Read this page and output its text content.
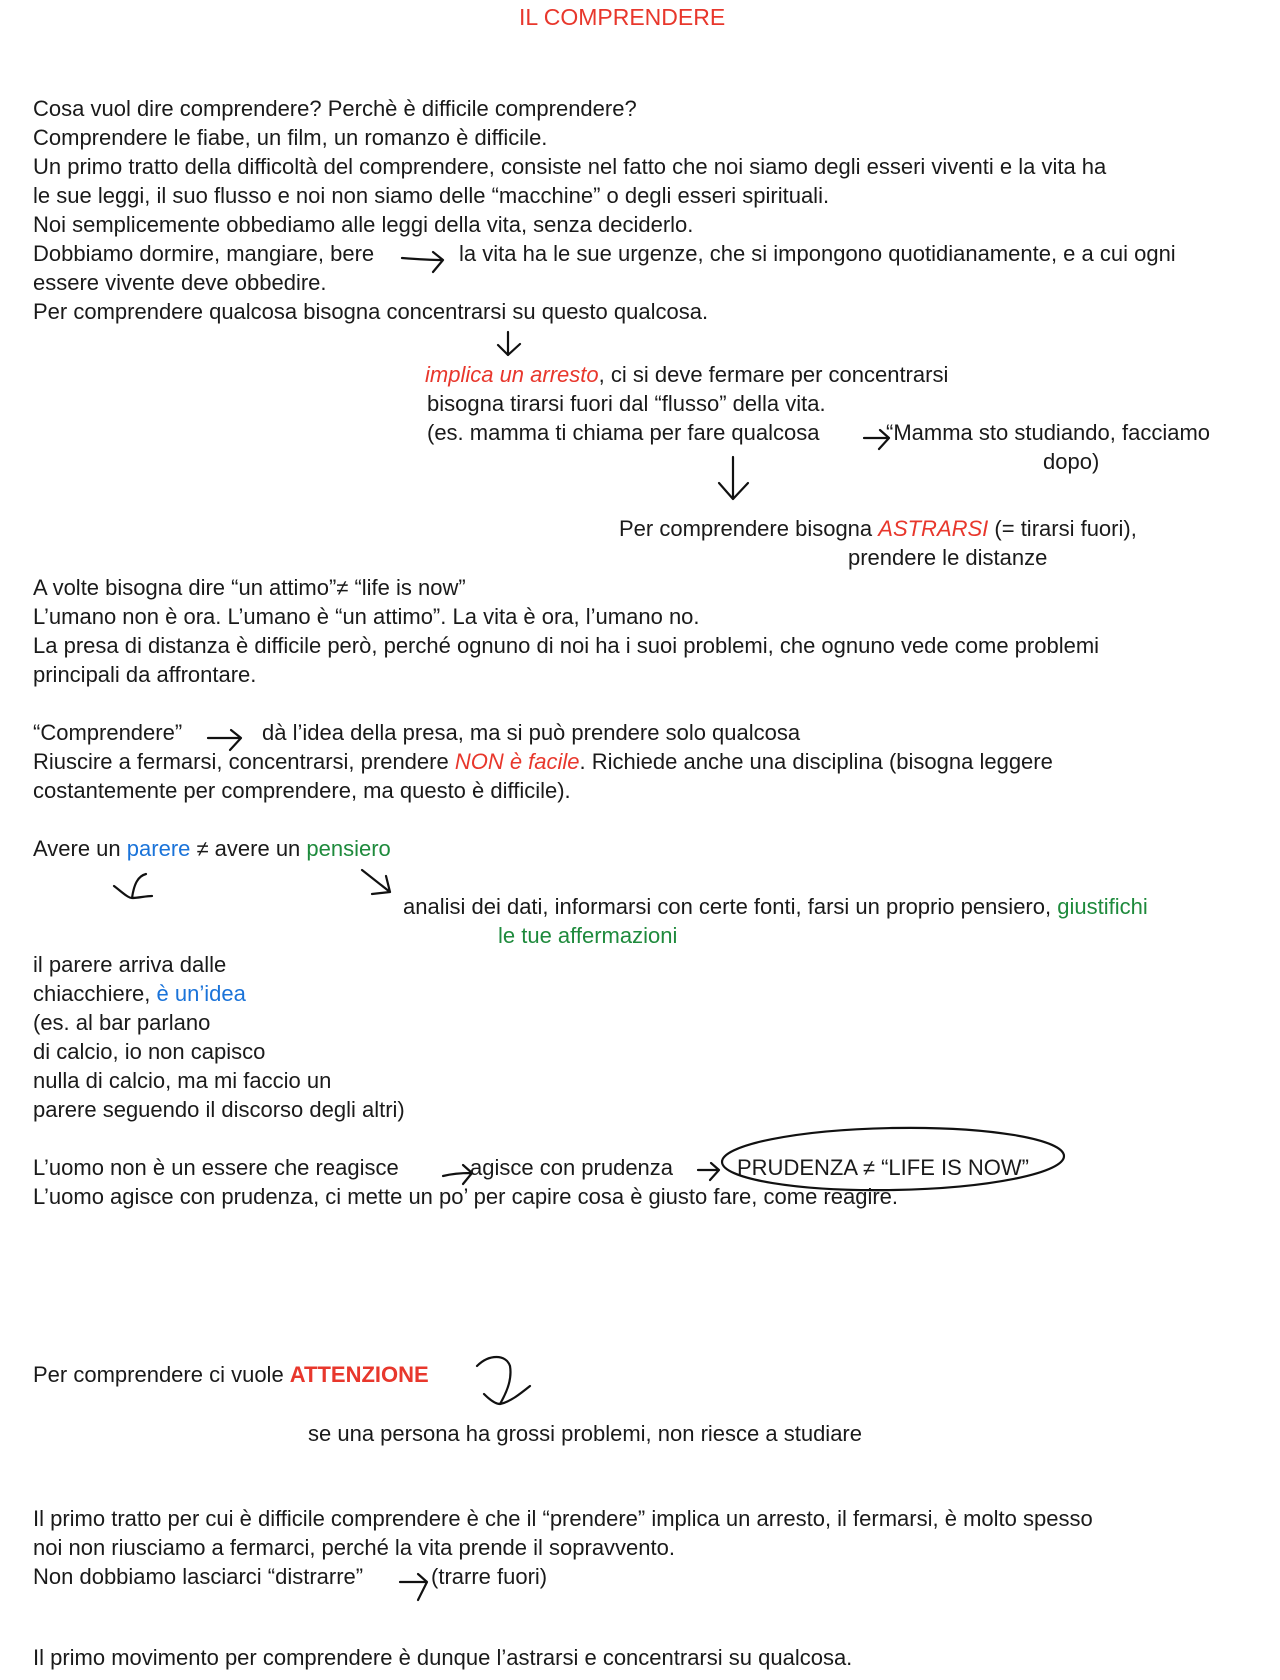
IL COMPRENDERE
Cosa vuol dire comprendere? Perchè è difficile comprendere?
Comprendere le fiabe, un film, un romanzo è difficile.
Un primo tratto della difficoltà del comprendere, consiste nel fatto che noi siamo degli esseri viventi e la vita ha
le sue leggi, il suo flusso e noi non siamo delle “macchine” o degli esseri spirituali.
Noi semplicemente obbediamo alle leggi della vita, senza deciderlo.
Dobbiamo dormire, mangiare, bere	la vita ha le sue urgenze, che si impongono quotidianamente, e a cui ogni
essere vivente deve obbedire.
Per comprendere qualcosa bisogna concentrarsi su questo qualcosa.
implica un arresto, ci si deve fermare per concentrarsi
bisogna tirarsi fuori dal “flusso” della vita.
(es. mamma ti chiama per fare qualcosa	“Mamma sto studiando, facciamo
dopo)
Per comprendere bisogna ASTRARSI (= tirarsi fuori),
prendere le distanze
A volte bisogna dire “un attimo”≠ “life is now”
L’umano non è ora. L’umano è “un attimo”. La vita è ora, l’umano no.
La presa di distanza è difficile però, perché ognuno di noi ha i suoi problemi, che ognuno vede come problemi
principali da affrontare.
“Comprendere”	dà l’idea della presa, ma si può prendere solo qualcosa
Riuscire a fermarsi, concentrarsi, prendere NON è facile. Richiede anche una disciplina (bisogna leggere
costantemente per comprendere, ma questo è difficile).
Avere un parere ≠ avere un pensiero
analisi dei dati, informarsi con certe fonti, farsi un proprio pensiero, giustifichi
le tue affermazioni
il parere arriva dalle
chiacchiere, è un’idea
(es. al bar parlano
di calcio, io non capisco
nulla di calcio, ma mi faccio un
parere seguendo il discorso degli altri)
L’uomo non è un essere che reagisce	agisce con prudenza	PRUDENZA ≠ “LIFE IS NOW”
L’uomo agisce con prudenza, ci mette un po’ per capire cosa è giusto fare, come reagire.
Per comprendere ci vuole ATTENZIONE
se una persona ha grossi problemi, non riesce a studiare
Il primo tratto per cui è difficile comprendere è che il “prendere” implica un arresto, il fermarsi, è molto spesso
noi non riusciamo a fermarci, perché la vita prende il sopravvento.
Non dobbiamo lasciarci “distrarre”	(trarre fuori)
Il primo movimento per comprendere è dunque l’astrarsi e concentrarsi su qualcosa.
